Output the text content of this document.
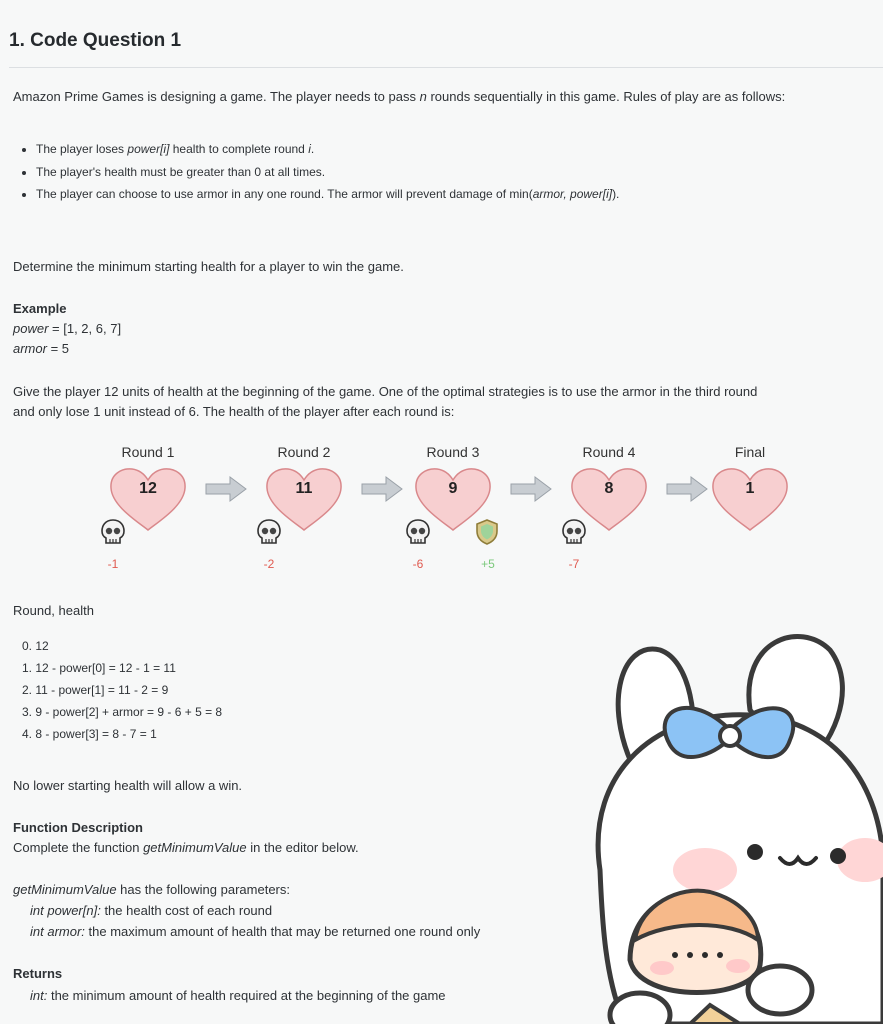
1. Code Question 1
Amazon Prime Games is designing a game. The player needs to pass n rounds sequentially in this game. Rules of play are as follows:
• The player loses power[i] health to complete round i.
• The player's health must be greater than 0 at all times.
• The player can choose to use armor in any one round. The armor will prevent damage of min(armor, power[i]).
Determine the minimum starting health for a player to win the game.
Example
power = [1, 2, 6, 7]
armor = 5
Give the player 12 units of health at the beginning of the game. One of the optimal strategies is to use the armor in the third round
and only lose 1 unit instead of 6. The health of the player after each round is:
Round 1
12
-1
Round 2
11
-2
Round 3
9
-6	+5
Round 4
8
-7
Final
1
Round, health
0. 12
1. 12 - power[0] = 12 - 1 = 11
2. 11 - power[1] = 11 - 2 = 9
3. 9 - power[2] + armor = 9 - 6 + 5 = 8
4. 8 - power[3] = 8 - 7 = 1
No lower starting health will allow a win.
Function Description
Complete the function getMinimumValue in the editor below.
getMinimumValue has the following parameters:
int power[n]: the health cost of each round
int armor: the maximum amount of health that may be returned one round only
Returns
int: the minimum amount of health required at the beginning of the game
